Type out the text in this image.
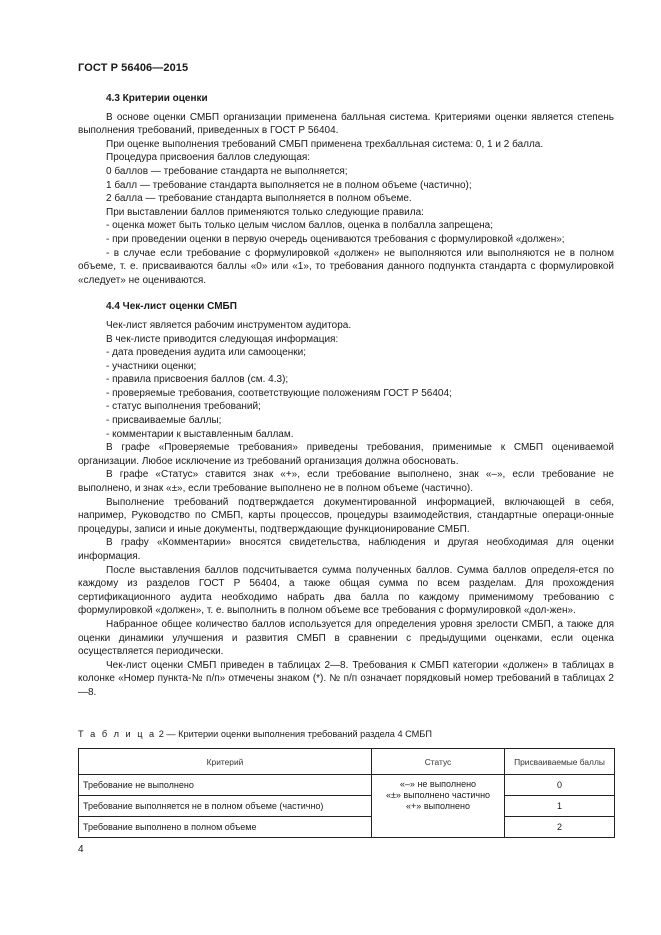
ГОСТ Р 56406—2015
4.3 Критерии оценки

В основе оценки СМБП организации применена балльная система. Критериями оценки является степень выполнения требований, приведенных в ГОСТ Р 56404.

При оценке выполнения требований СМБП применена трехбалльная система: 0, 1 и 2 балла.

Процедура присвоения баллов следующая:

0 баллов — требование стандарта не выполняется;

1 балл — требование стандарта выполняется не в полном объеме (частично);

2 балла — требование стандарта выполняется в полном объеме.

При выставлении баллов применяются только следующие правила:

- оценка может быть только целым числом баллов, оценка в полбалла запрещена;

- при проведении оценки в первую очередь оцениваются требования с формулировкой «должен»;

- в случае если требование с формулировкой «должен» не выполняются или выполняются не в полном объеме, т. е. присваиваются баллы «0» или «1», то требования данного подпункта стандарта с формулировкой «следует» не оцениваются.

4.4 Чек-лист оценки СМБП

Чек-лист является рабочим инструментом аудитора.

В чек-листе приводится следующая информация:

- дата проведения аудита или самооценки;

- участники оценки;

- правила присвоения баллов (см. 4.3);

- проверяемые требования, соответствующие положениям ГОСТ Р 56404;

- статус выполнения требований;

- присваиваемые баллы;

- комментарии к выставленным баллам.

В графе «Проверяемые требования» приведены требования, применимые к СМБП оцениваемой организации. Любое исключение из требований организация должна обосновать.

В графе «Статус» ставится знак «+», если требование выполнено, знак «–», если требование не выполнено, и знак «±», если требование выполнено не в полном объеме (частично).

Выполнение требований подтверждается документированной информацией, включающей в себя, например, Руководство по СМБП, карты процессов, процедуры взаимодействия, стандартные операци-онные процедуры, записи и иные документы, подтверждающие функционирование СМБП.

В графу «Комментарии» вносятся свидетельства, наблюдения и другая необходимая для оценки информация.

После выставления баллов подсчитывается сумма полученных баллов. Сумма баллов определя-ется по каждому из разделов ГОСТ Р 56404, а также общая сумма по всем разделам. Для прохождения сертификационного аудита необходимо набрать два балла по каждому применимому требованию с формулировкой «должен», т. е. выполнить в полном объеме все требования с формулировкой «дол-жен».

Набранное общее количество баллов используется для определения уровня зрелости СМБП, а также для оценки динамики улучшения и развития СМБП в сравнении с предыдущими оценками, если оценка осуществляется периодически.

Чек-лист оценки СМБП приведен в таблицах 2—8. Требования к СМБП категории «должен» в таблицах в колонке «Номер пункта-№ п/п» отмечены знаком (*). № п/п означает порядковый номер требований в таблицах 2—8.

Т а б л и ц а 2 — Критерии оценки выполнения требований раздела 4 СМБП
Критерий	Статус	Присваиваемые баллы
Требование не выполнено	«–» не выполнено
«±» выполнено частично
«+» выполнено	0
Требование выполняется не в полном объеме (частично)		1
Требование выполнено в полном объеме		2
4
